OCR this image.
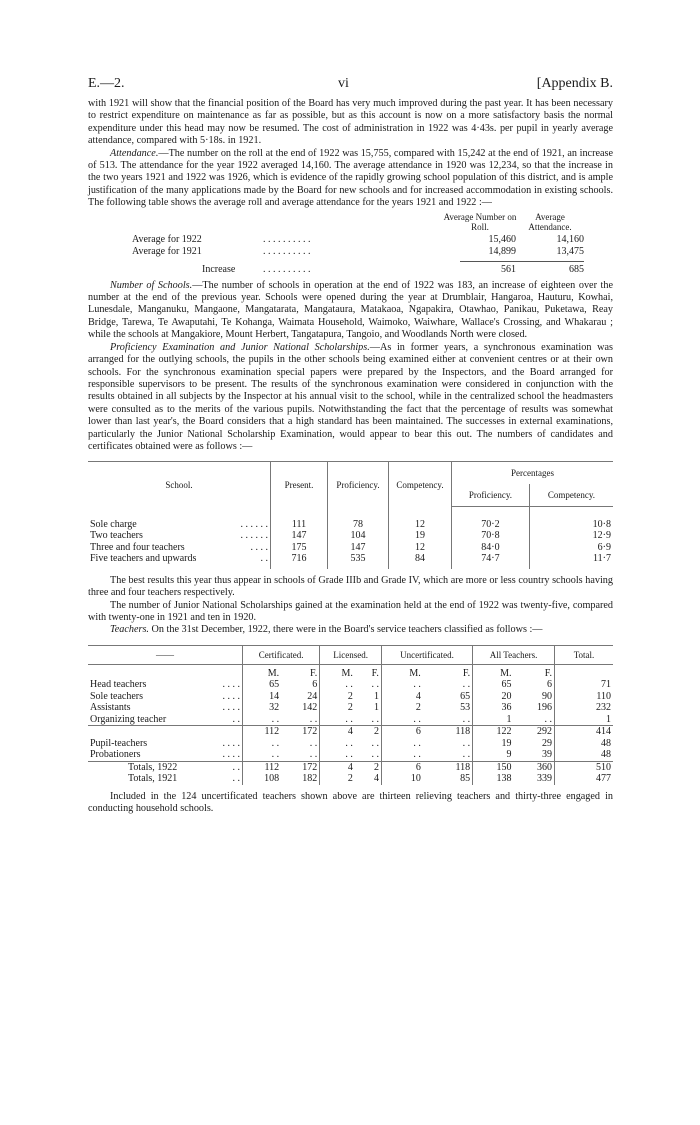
E.—2.	vi	[Appendix B.

with 1921 will show that the financial position of the Board has very much improved during the past year. It has been necessary to restrict expenditure on maintenance as far as possible, but as this account is now on a more satisfactory basis the normal expenditure under this head may now be resumed. The cost of administration in 1922 was 4·43s. per pupil in yearly average attendance, compared with 5·18s. in 1921.

Attendance.—The number on the roll at the end of 1922 was 15,755, compared with 15,242 at the end of 1921, an increase of 513. The attendance for the year 1922 averaged 14,160. The average attendance in 1920 was 12,234, so that the increase in the two years 1921 and 1922 was 1926, which is evidence of the rapidly growing school population of this district, and is ample justification of the many applications made by the Board for new schools and for increased accommodation in existing schools. The following table shows the average roll and average attendance for the years 1921 and 1922 :—

Average Number on Roll.
Average Attendance.
Average for 1922	. . . . . . . . . .	15,460	14,160
Average for 1921	. . . . . . . . . .	14,899	13,475
Increase	. . . . . . . . . .	561	685

Number of Schools.—The number of schools in operation at the end of 1922 was 183, an increase of eighteen over the number at the end of the previous year. Schools were opened during the year at Drumblair, Hangaroa, Hauturu, Kowhai, Lunesdale, Manganuku, Mangaone, Mangatarata, Mangataura, Matakaoa, Ngapakira, Otawhao, Panikau, Puketawa, Reay Bridge, Tarewa, Te Awaputahi, Te Kohanga, Waimata Household, Waimoko, Waiwhare, Wallace's Crossing, and Whakarau ; while the schools at Mangakiore, Mount Herbert, Tangatapura, Tangoio, and Woodlands North were closed.

Proficiency Examination and Junior National Scholarships.—As in former years, a synchronous examination was arranged for the outlying schools, the pupils in the other schools being examined either at convenient centres or at their own schools. For the synchronous examination special papers were prepared by the Inspectors, and the Board arranged for responsible supervisors to be present. The results of the synchronous examination were considered in conjunction with the results obtained in all subjects by the Inspector at his annual visit to the school, while in the centralized school the headmasters were consulted as to the merits of the various pupils. Notwithstanding the fact that the percentage of results was somewhat lower than last year's, the Board considers that a high standard has been maintained. The successes in external examinations, particularly the Junior National Scholarship Examination, would appear to bear this out. The numbers of candidates and certificates obtained were as follows :—

School.	Present.	Proficiency.	Competency.	Percentages	
				Proficiency.	Competency.

Sole charge . . . . . .	111	78	12	70·2	10·8
Two teachers . . . . . .	147	104	19	70·8	12·9
Three and four teachers . . . .	175	147	12	84·0	6·9
Five teachers and upwards . .	716	535	84	74·7	11·7

The best results this year thus appear in schools of Grade IIIb and Grade IV, which are more or less country schools having three and four teachers respectively.

The number of Junior National Scholarships gained at the examination held at the end of 1922 was twenty-five, compared with twenty-one in 1921 and ten in 1920.

Teachers. On the 31st December, 1922, there were in the Board's service teachers classified as follows :—

——	Certificated.		Licensed.		Uncertificated.		All Teachers.		Total.
	M.	F.	M.	F.	M.	F.	M.	F.	
Head teachers . . . .	65	6	. .	. .	. .	. .	65	6	71
Sole teachers . . . .	14	24	2	1	4	65	20	90	110
Assistants . . . .	32	142	2	1	2	53	36	196	232
Organizing teacher . .	. .	. .	. .	. .	. .	. .	1	. .	1
	112	172	4	2	6	118	122	292	414
Pupil-teachers . . . .	. .	. .	. .	. .	. .	. .	19	29	48
Probationers . . . .	. .	. .	. .	. .	. .	. .	9	39	48
Totals, 1922 . .	112	172	4	2	6	118	150	360	510
Totals, 1921 . .	108	182	2	4	10	85	138	339	477

Included in the 124 uncertificated teachers shown above are thirteen relieving teachers and thirty-three engaged in conducting household schools.
